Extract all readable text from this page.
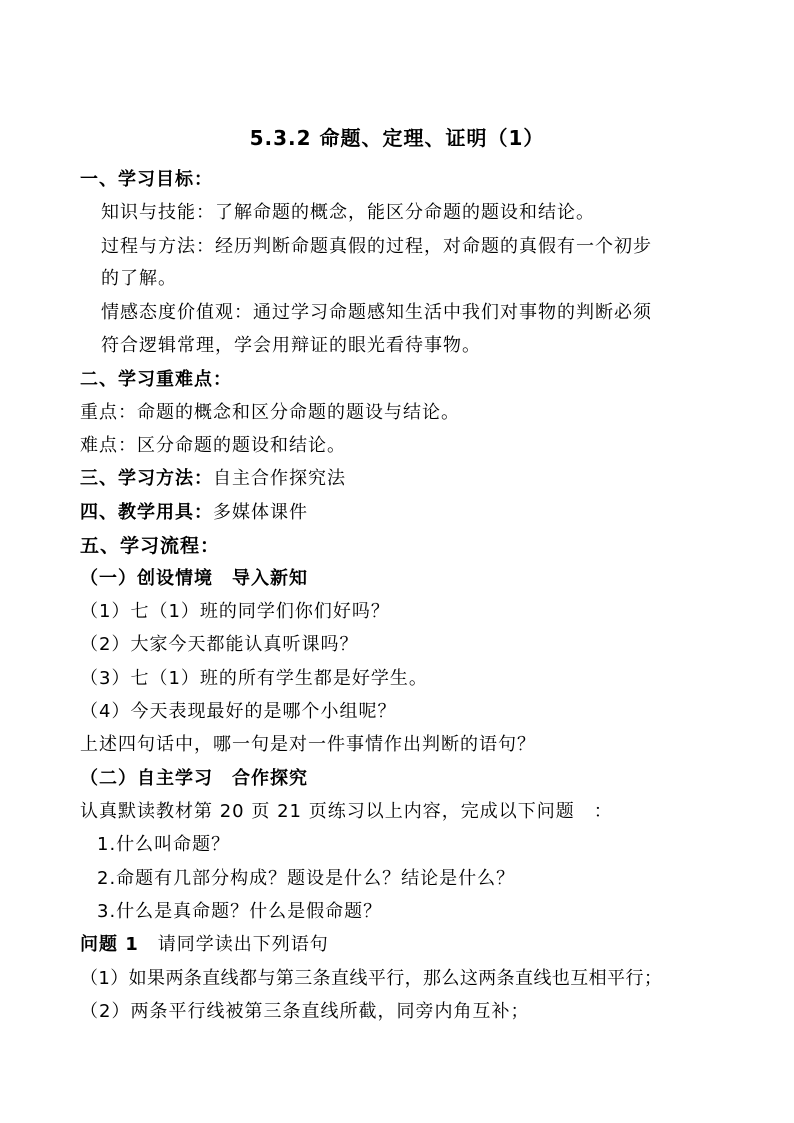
5.3.2 命题、定理、证明（1）
一、学习目标：
知识与技能：了解命题的概念，能区分命题的题设和结论。
过程与方法：经历判断命题真假的过程，对命题的真假有一个初步
的了解。
情感态度价值观：通过学习命题感知生活中我们对事物的判断必须
符合逻辑常理，学会用辩证的眼光看待事物。
二、学习重难点：
重点：命题的概念和区分命题的题设与结论。
难点：区分命题的题设和结论。
三、学习方法：自主合作探究法
四、教学用具：多媒体课件
五、学习流程：
（一）创设情境　导入新知
（1）七（1）班的同学们你们好吗？
（2）大家今天都能认真听课吗？
（3）七（1）班的所有学生都是好学生。
（4）今天表现最好的是哪个小组呢？
上述四句话中，哪一句是对一件事情作出判断的语句？
（二）自主学习　合作探究
认真默读教材第 20 页 21 页练习以上内容，完成以下问题　：
1.什么叫命题？
2.命题有几部分构成？题设是什么？结论是什么？
3.什么是真命题？什么是假命题？
问题 1　 请同学读出下列语句
（1）如果两条直线都与第三条直线平行，那么这两条直线也互相平行；
（2）两条平行线被第三条直线所截，同旁内角互补；
